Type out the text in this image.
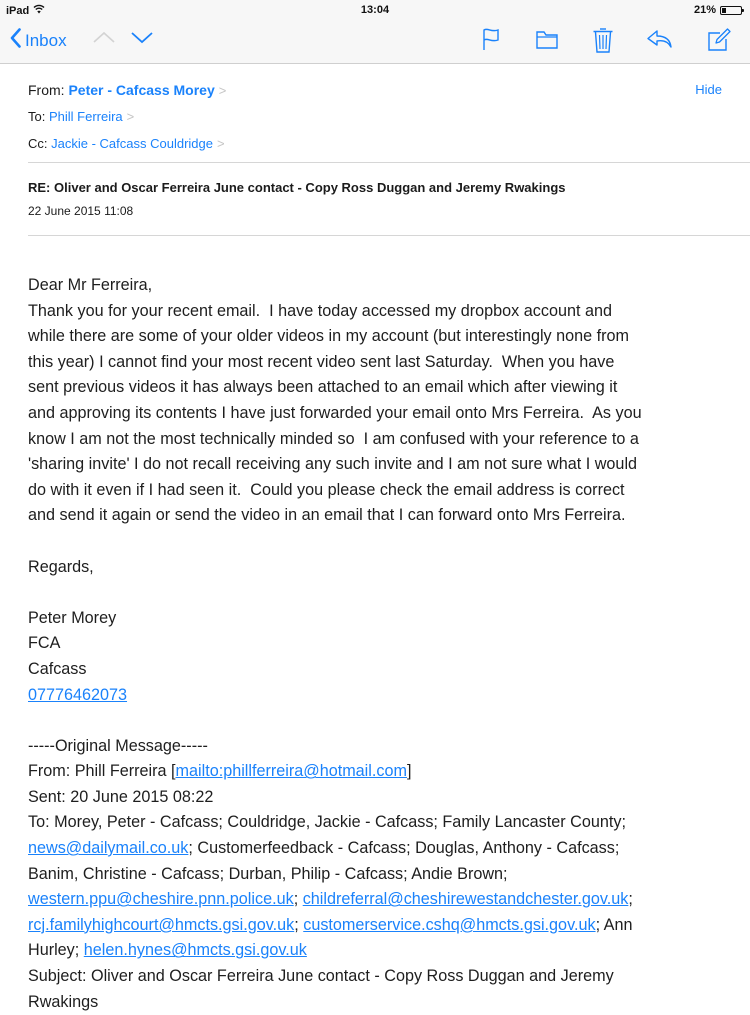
iPad	13:04	21%
Inbox
From: Peter - Cafcass Morey >
To: Phill Ferreira >
Cc: Jackie - Cafcass Couldridge >
Hide
RE: Oliver and Oscar Ferreira June contact - Copy Ross Duggan and Jeremy Rwakings
22 June 2015 11:08
Dear Mr Ferreira,
Thank you for your recent email.  I have today accessed my dropbox account and
while there are some of your older videos in my account (but interestingly none from
this year) I cannot find your most recent video sent last Saturday.  When you have
sent previous videos it has always been attached to an email which after viewing it
and approving its contents I have just forwarded your email onto Mrs Ferreira.  As you
know I am not the most technically minded so  I am confused with your reference to a
'sharing invite' I do not recall receiving any such invite and I am not sure what I would
do with it even if I had seen it.  Could you please check the email address is correct
and send it again or send the video in an email that I can forward onto Mrs Ferreira.
Regards,
Peter Morey
FCA
Cafcass
07776462073
-----Original Message-----
From: Phill Ferreira [mailto:phillferreira@hotmail.com]
Sent: 20 June 2015 08:22
To: Morey, Peter - Cafcass; Couldridge, Jackie - Cafcass; Family Lancaster County;
news@dailymail.co.uk; Customerfeedback - Cafcass; Douglas, Anthony - Cafcass;
Banim, Christine - Cafcass; Durban, Philip - Cafcass; Andie Brown;
western.ppu@cheshire.pnn.police.uk; childreferral@cheshirewestandchester.gov.uk;
rcj.familyhighcourt@hmcts.gsi.gov.uk; customerservice.cshq@hmcts.gsi.gov.uk; Ann
Hurley; helen.hynes@hmcts.gsi.gov.uk
Subject: Oliver and Oscar Ferreira June contact - Copy Ross Duggan and Jeremy
Rwakings
